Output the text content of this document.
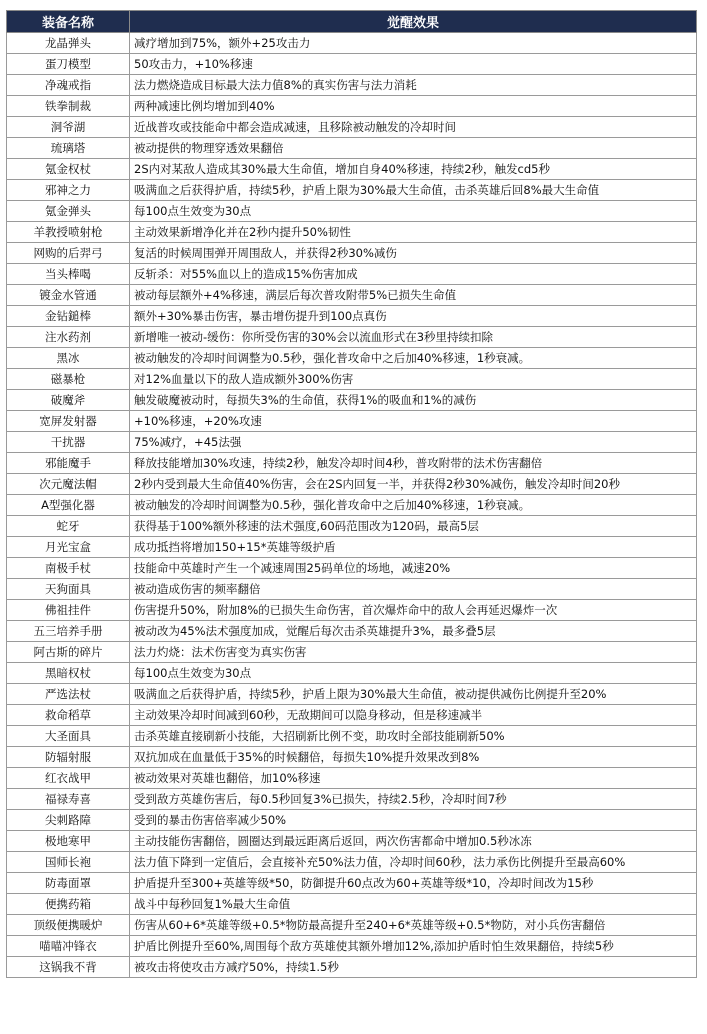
装备名称	觉醒效果
龙晶弹头	减疗增加到75%，额外+25攻击力
蛋刀模型	50攻击力，+10%移速
净魂戒指	法力燃烧造成目标最大法力值8%的真实伤害与法力消耗
铁拳制裁	两种减速比例均增加到40%
洞爷湖	近战普攻或技能命中都会造成减速，且移除被动触发的冷却时间
琉璃塔	被动提供的物理穿透效果翻倍
氪金权杖	2S内对某敌人造成其30%最大生命值，增加自身40%移速，持续2秒，触发cd5秒
邪神之力	吸满血之后获得护盾，持续5秒，护盾上限为30%最大生命值，击杀英雄后回8%最大生命值
氪金弹头	每100点生效变为30点
羊教授喷射枪	主动效果新增净化并在2秒内提升50%韧性
网购的后羿弓	复活的时候周围弹开周围敌人，并获得2秒30%减伤
当头棒喝	反斩杀：对55%血以上的造成15%伤害加成
镀金水管通	被动每层额外+4%移速，满层后每次普攻附带5%已损失生命值
金钻鎚棒	额外+30%暴击伤害，暴击增伤提升到100点真伤
注水药剂	新增唯一被动-缓伤：你所受伤害的30%会以流血形式在3秒里持续扣除
黑冰	被动触发的冷却时间调整为0.5秒，强化普攻命中之后加40%移速，1秒衰减。
磁暴枪	对12%血量以下的敌人造成额外300%伤害
破魔斧	触发破魔被动时，每损失3%的生命值，获得1%的吸血和1%的减伤
宽屏发射器	+10%移速，+20%攻速
干扰器	75%减疗，+45法强
邪能魔手	释放技能增加30%攻速，持续2秒，触发冷却时间4秒，普攻附带的法术伤害翻倍
次元魔法帽	2秒内受到最大生命值40%伤害，会在2S内回复一半，并获得2秒30%减伤，触发冷却时间20秒
A型强化器	被动触发的冷却时间调整为0.5秒，强化普攻命中之后加40%移速，1秒衰减。
蛇牙	获得基于100%额外移速的法术强度,60码范围改为120码，最高5层
月光宝盒	成功抵挡将增加150+15*英雄等级护盾
南极手杖	技能命中英雄时产生一个减速周围25码单位的场地，减速20%
天狗面具	被动造成伤害的频率翻倍
佛祖挂件	伤害提升50%，附加8%的已损失生命伤害，首次爆炸命中的敌人会再延迟爆炸一次
五三培养手册	被动改为45%法术强度加成，觉醒后每次击杀英雄提升3%，最多叠5层
阿古斯的碎片	法力灼烧：法术伤害变为真实伤害
黑暗权杖	每100点生效变为30点
严选法杖	吸满血之后获得护盾，持续5秒，护盾上限为30%最大生命值，被动提供减伤比例提升至20%
救命稻草	主动效果冷却时间减到60秒，无敌期间可以隐身移动，但是移速减半
大圣面具	击杀英雄直接刷新小技能，大招刷新比例不变，助攻时全部技能刷新50%
防辐射服	双抗加成在血量低于35%的时候翻倍，每损失10%提升效果改到8%
红衣战甲	被动效果对英雄也翻倍，加10%移速
福禄寿喜	受到敌方英雄伤害后，每0.5秒回复3%已损失，持续2.5秒，冷却时间7秒
尖刺路障	受到的暴击伤害倍率减少50%
极地寒甲	主动技能伤害翻倍，圆圈达到最远距离后返回，两次伤害都命中增加0.5秒冰冻
国师长袍	法力值下降到一定值后，会直接补充50%法力值，冷却时间60秒，法力承伤比例提升至最高60%
防毒面罩	护盾提升至300+英雄等级*50，防御提升60点改为60+英雄等级*10，冷却时间改为15秒
便携药箱	战斗中每秒回复1%最大生命值
顶级便携暖炉	伤害从60+6*英雄等级+0.5*物防最高提升至240+6*英雄等级+0.5*物防，对小兵伤害翻倍
喵喵冲锋衣	护盾比例提升至60%,周围每个敌方英雄使其额外增加12%,添加护盾时怕生效果翻倍，持续5秒
这锅我不背	被攻击将使攻击方减疗50%，持续1.5秒
